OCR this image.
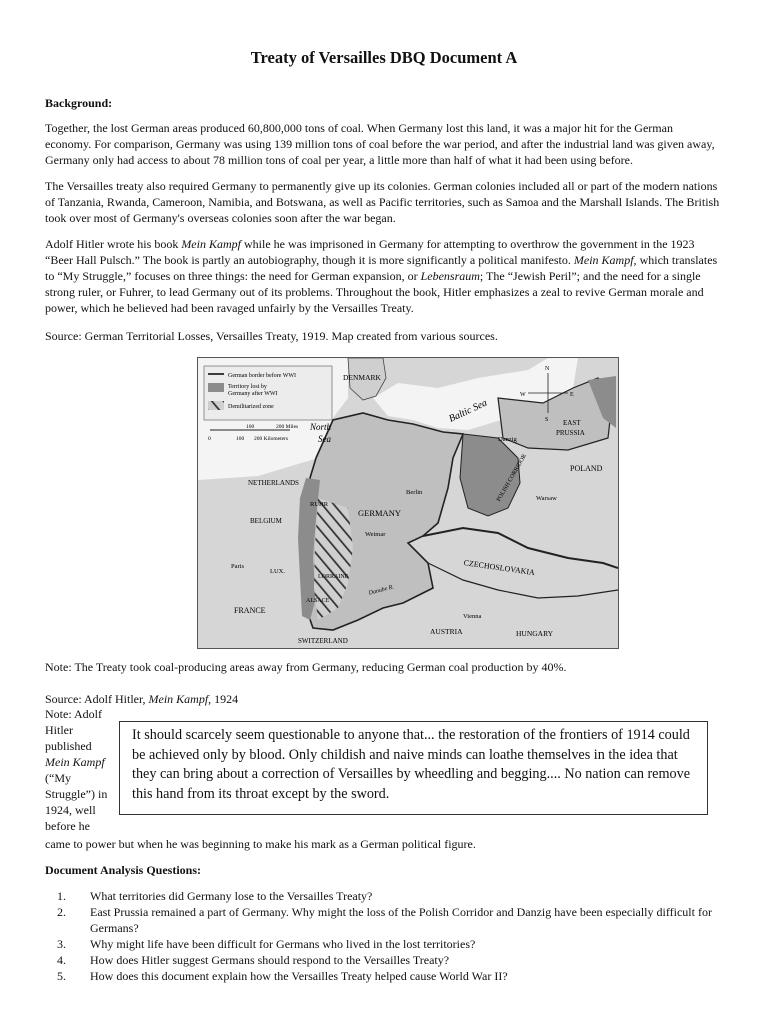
Treaty of Versailles DBQ Document A

Background:

Together, the lost German areas produced 60,800,000 tons of coal. When Germany lost this land, it was a major hit for the German economy. For comparison, Germany was using 139 million tons of coal before the war period, and after the industrial land was given away, Germany only had access to about 78 million tons of coal per year, a little more than half of what it had been using before.

The Versailles treaty also required Germany to permanently give up its colonies. German colonies included all or part of the modern nations of Tanzania, Rwanda, Cameroon, Namibia, and Botswana, as well as Pacific territories, such as Samoa and the Marshall Islands. The British took over most of Germany's overseas colonies soon after the war began.

Adolf Hitler wrote his book Mein Kampf while he was imprisoned in Germany for attempting to overthrow the government in the 1923 “Beer Hall Pulsch.” The book is partly an autobiography, though it is more significantly a political manifesto. Mein Kampf, which translates to “My Struggle,” focuses on three things: the need for German expansion, or Lebensraum; The “Jewish Peril”; and the need for a single strong ruler, or Fuhrer, to lead Germany out of its problems. Throughout the book, Hitler emphasizes a zeal to revive German morale and power, which he believed had been ravaged unfairly by the Versailles Treaty.

Source: German Territorial Losses, Versailles Treaty, 1919. Map created from various sources.

German border before WWI
Territory lost by
Germany after WWI
Demilitarized zone
100	200 Miles
0	100 200 Kilometers
N
S
E
W
DENMARK
Baltic Sea
North
Sea
EAST
PRUSSIA
Danzig
POLISH CORRIDOR	POLAND
NETHERLANDS
Berlin
Warsaw
BELGIUM
RUHR
GERMANY
Weimar
Paris
LUX.
LORRAINE	CZECHOSLOVAKIA
Danube R.
ALSACE
FRANCE
Vienna
AUSTRIA	HUNGARY
SWITZERLAND

Note: The Treaty took coal-producing areas away from Germany, reducing German coal production by 40%.

Source: Adolf Hitler, Mein Kampf, 1924

Note: Adolf
Hitler
published
Mein Kampf
(“My
Struggle”) in
1924, well
before he
came to power but when he was beginning to make his mark as a German political figure.
It should scarcely seem questionable to anyone that... the restoration of the frontiers of 1914 could be achieved only by blood. Only childish and naive minds can loathe themselves in the idea that they can bring about a correction of Versailles by wheedling and begging.... No nation can remove this hand from its throat except by the sword.

Document Analysis Questions:

1. What territories did Germany lose to the Versailles Treaty?
2. East Prussia remained a part of Germany. Why might the loss of the Polish Corridor and Danzig have been especially difficult for Germans?
3. Why might life have been difficult for Germans who lived in the lost territories?
4. How does Hitler suggest Germans should respond to the Versailles Treaty?
5. How does this document explain how the Versailles Treaty helped cause World War II?
